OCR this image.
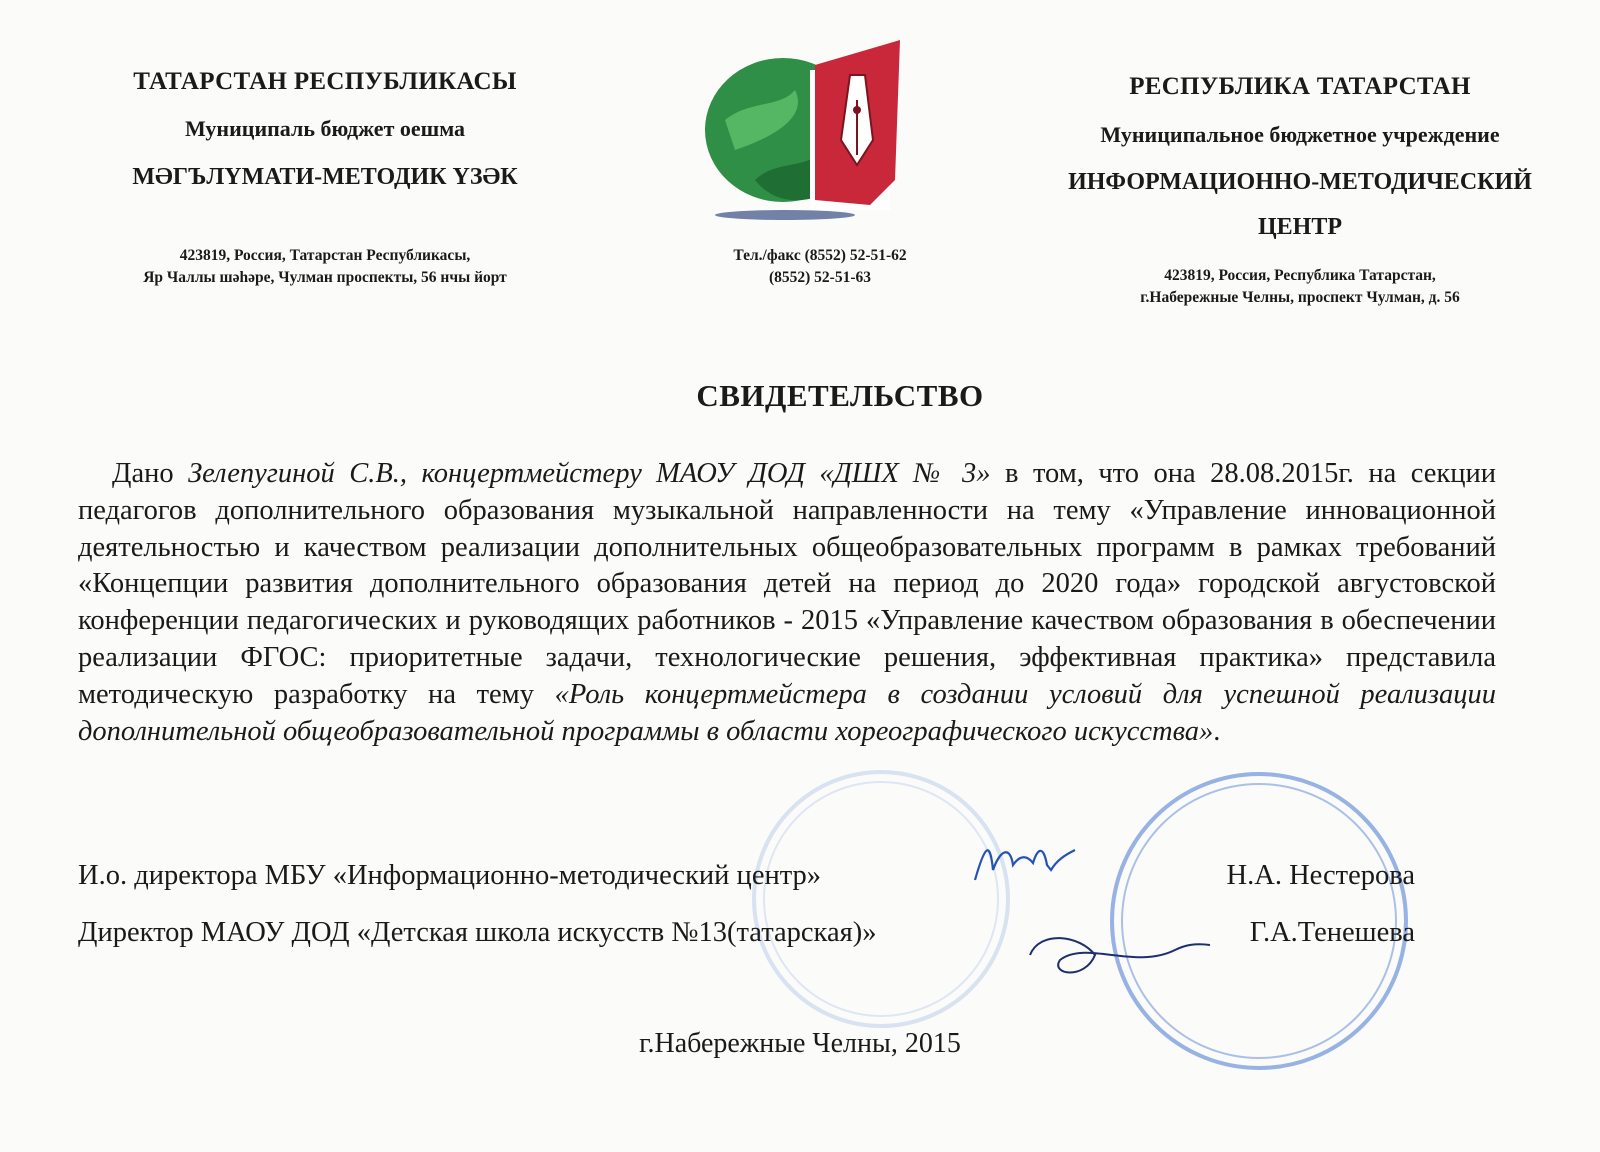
ТАТАРСТАН РЕСПУБЛИКАСЫ
Муниципаль бюджет оешма
МӘГЪЛҮМАТИ-МЕТОДИК ҮЗӘК
423819, Россия, Татарстан Республикасы,
Яр Чаллы шәһәре, Чулман проспекты, 56 нчы йорт
Тел./факс (8552) 52-51-62
(8552) 52-51-63
РЕСПУБЛИКА ТАТАРСТАН
Муниципальное бюджетное учреждение
ИНФОРМАЦИОННО-МЕТОДИЧЕСКИЙ
ЦЕНТР
423819, Россия, Республика Татарстан,
г.Набережные Челны, проспект Чулман, д. 56
СВИДЕТЕЛЬСТВО

Дано Зелепугиной С.В., концертмейстеру МАОУ ДОД «ДШХ № 3» в том, что она 28.08.2015г. на секции педагогов дополнительного образования музыкальной направленности на тему «Управление инновационной деятельностью и качеством реализации дополнительных общеобразовательных программ в рамках требований «Концепции развития дополнительного образования детей на период до 2020 года» городской августовской конференции педагогических и руководящих работников - 2015 «Управление качеством образования в обеспечении реализации ФГОС: приоритетные задачи, технологические решения, эффективная практика» представила методическую разработку на тему «Роль концертмейстера в создании условий для успешной реализации дополнительной общеобразовательной программы в области хореографического искусства».

И.о. директора МБУ «Информационно-методический центр»	Н.А. Нестерова
Директор МАОУ ДОД «Детская школа искусств №13(татарская)»	Г.А.Тенешева
г.Набережные Челны, 2015
